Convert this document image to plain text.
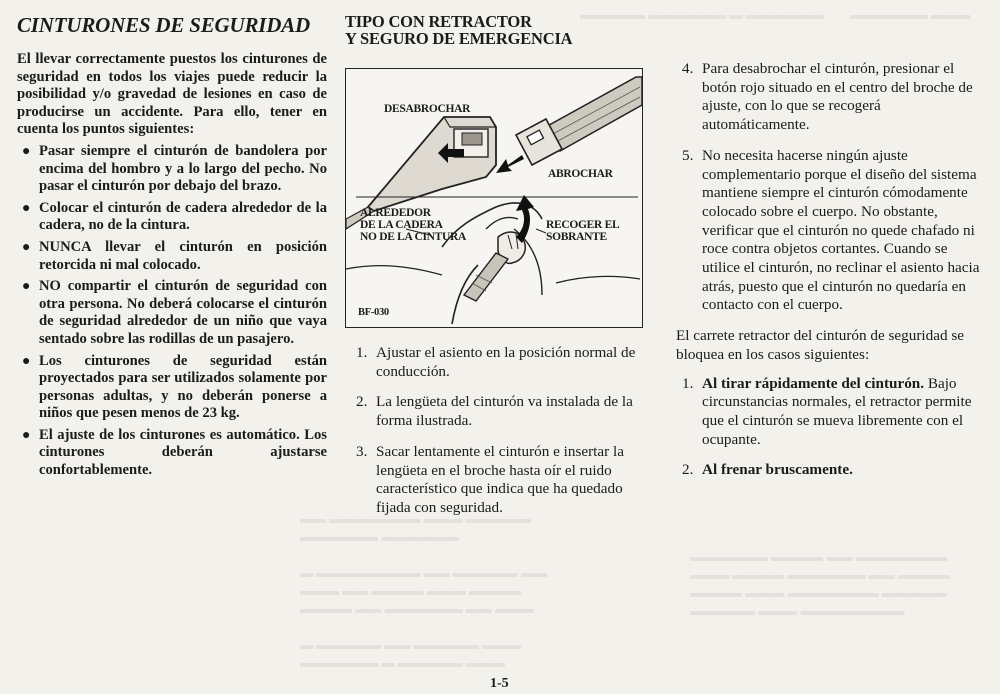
▬▬▬▬▬ ▬▬▬▬▬▬ ▬ ▬▬▬▬▬▬ ▬▬▬▬▬▬ ▬▬▬
▬▬▬▬▬▬ ▬▬▬▬ ▬▬ ▬▬▬▬▬▬▬
▬▬▬ ▬▬▬▬ ▬▬▬▬▬▬ ▬▬ ▬▬▬▬
▬▬▬▬ ▬▬▬ ▬▬▬▬▬▬▬ ▬▬▬▬▬
▬▬▬▬▬ ▬▬▬ ▬▬▬▬▬▬▬▬
▬▬ ▬▬▬▬▬▬▬ ▬▬▬ ▬▬▬▬▬
▬▬▬▬▬▬ ▬▬▬▬▬▬

▬ ▬▬▬▬▬▬▬▬ ▬▬ ▬▬▬▬▬ ▬▬
▬▬▬ ▬▬ ▬▬▬▬ ▬▬▬ ▬▬▬▬
▬▬▬▬ ▬▬ ▬▬▬▬▬▬ ▬▬ ▬▬▬

▬ ▬▬▬▬▬ ▬▬ ▬▬▬▬▬ ▬▬▬
▬▬▬▬▬▬ ▬ ▬▬▬▬▬ ▬▬▬
CINTURONES DE SEGURIDAD

El llevar correctamente puestos los cinturones de seguridad en todos los viajes puede reducir la posibilidad y/o gravedad de lesiones en caso de producirse un accidente. Para ello, tener en cuenta los puntos siguientes:

● Pasar siempre el cinturón de bandolera por encima del hombro y a lo largo del pecho. No pasar el cinturón por debajo del brazo.
● Colocar el cinturón de cadera alrededor de la cadera, no de la cintura.
● NUNCA llevar el cinturón en posición retorcida ni mal colocado.
● NO compartir el cinturón de seguridad con otra persona. No deberá colocarse el cinturón de seguridad alrededor de un niño que vaya sentado sobre las rodillas de un pasajero.
● Los cinturones de seguridad están proyectados para ser utilizados solamente por personas adultas, y no deberán ponerse a niños que pesen menos de 23 kg.
● El ajuste de los cinturones es automático. Los cinturones deberán ajustarse confortablemente.
TIPO CON RETRACTOR
Y SEGURO DE EMERGENCIA
1. Ajustar el asiento en la posición normal de conducción.
2. La lengüeta del cinturón va instalada de la forma ilustrada.
3. Sacar lentamente el cinturón e insertar la lengüeta en el broche hasta oír el ruido característico que indica que ha quedado fijada con seguridad.
DESABROCHAR
ABROCHAR
ALREDEDOR
DE LA CADERA
NO DE LA CINTURA
RECOGER EL
SOBRANTE
BF-030
4. Para desabrochar el cinturón, presionar el botón rojo situado en el centro del broche de ajuste, con lo que se recogerá automáticamente.
5. No necesita hacerse ningún ajuste complementario porque el diseño del sistema mantiene siempre el cinturón cómodamente colocado sobre el cuerpo. No obstante, verificar que el cinturón no quede chafado ni roce contra objetos cortantes. Cuando se utilice el cinturón, no reclinar el asiento hacia atrás, puesto que el cinturón no quedaría en contacto con el cuerpo.

El carrete retractor del cinturón de seguridad se bloquea en los casos siguientes:

1. Al tirar rápidamente del cinturón. Bajo circunstancias normales, el retractor permite que el cinturón se mueva libremente con el ocupante.
2. Al frenar bruscamente.
1-5
